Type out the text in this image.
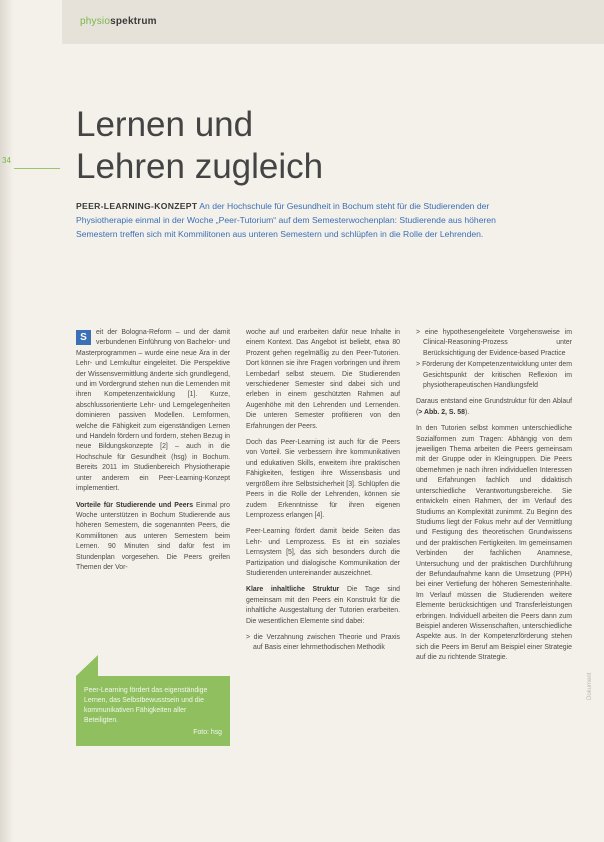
physiospektrum
34
Lernen und
Lehren zugleich
PEER-LEARNING-KONZEPT An der Hochschule für Gesundheit in Bochum steht für die Studierenden der Physiotherapie einmal in der Woche „Peer-Tutorium“ auf dem Semesterwochenplan: Studierende aus höheren Semestern treffen sich mit Kommilitonen aus unteren Semestern und schlüpfen in die Rolle der Lehrenden.

S	eit der Bologna-Reform – und der damit verbundenen Einführung von Bachelor- und Masterprogrammen – wurde eine neue Ära in der Lehr- und Lernkultur eingeleitet. Die Perspektive der Wissensvermittlung änderte sich grundlegend, und im Vordergrund stehen nun die Lernenden mit ihren Kompetenzentwicklung [1]. Kurze, abschlussorientierte Lehr- und Lerngelegenheiten dominieren passiven Modellen. Lernformen, welche die Fähigkeit zum eigenständigen Lernen und Handeln fördern und fordern, stehen Bezug in neue Bildungskonzepte [2] – auch in die Hochschule für Gesundheit (hsg) in Bochum. Bereits 2011 im Studienbereich Physiotherapie unter anderem ein Peer-Learning-Konzept implementiert.

Vorteile für Studierende und Peers Einmal pro Woche unterstützen in Bochum Studierende aus höheren Semestern, die sogenannten Peers, die Kommilitonen aus unteren Semestern beim Lernen. 90 Minuten sind dafür fest im Stundenplan vorgesehen. Die Peers greifen Themen der Vor-

Peer-Learning fördert das eigenständige Lernen, das Selbstbewusstsein und die kommunikativen Fähigkeiten aller Beteiligten.
Foto: hsg

woche auf und erarbeiten dafür neue Inhalte in einem Kontext. Das Angebot ist beliebt, etwa 80 Prozent gehen regelmäßig zu den Peer-Tutorien. Dort können sie ihre Fragen vorbringen und ihrem Lernbedarf selbst steuern. Die Studierenden verschiedener Semester sind dabei sich und erleben in einem geschützten Rahmen auf Augenhöhe mit den Lehrenden und Lernenden. Die unteren Semester profitieren von den Erfahrungen der Peers.

Doch das Peer-Learning ist auch für die Peers von Vorteil. Sie verbessern ihre kommunikativen und edukativen Skills, erweitern ihre praktischen Fähigkeiten, festigen ihre Wissensbasis und vergrößern ihre Selbstsicherheit [3]. Schlüpfen die Peers in die Rolle der Lehrenden, können sie zudem Erkenntnisse für ihren eigenen Lernprozess erlangen [4].

Peer-Learning fördert damit beide Seiten das Lehr- und Lernprozess. Es ist ein soziales Lernsystem [5], das sich besonders durch die Partizipation und dialogische Kommunikation der Studierenden untereinander auszeichnet.

Klare inhaltliche Struktur Die Tage sind gemeinsam mit den Peers ein Konstrukt für die inhaltliche Ausgestaltung der Tutorien erarbeiten. Die wesentlichen Elemente sind dabei:

> die Verzahnung zwischen Theorie und Praxis auf Basis einer lehrmethodischen Methodik
> eine hypothesengeleitete Vorgehensweise im Clinical-Reasoning-Prozess unter Berücksichtigung der Evidence-based Practice
> Förderung der Kompetenzentwicklung unter dem Gesichtspunkt der kritischen Reflexion im physiotherapeutischen Handlungsfeld

Daraus entstand eine Grundstruktur für den Ablauf (> Abb. 2, S. 58).

In den Tutorien selbst kommen unterschiedliche Sozialformen zum Tragen: Abhängig von dem jeweiligen Thema arbeiten die Peers gemeinsam mit der Gruppe oder in Kleingruppen. Die Peers übernehmen je nach ihren individuellen Interessen und Erfahrungen fachlich und didaktisch unterschiedliche Verantwortungsbereiche. Sie entwickeln einen Rahmen, der im Verlauf des Studiums an Komplexität zunimmt. Zu Beginn des Studiums liegt der Fokus mehr auf der Vermittlung und Festigung des theoretischen Grundwissens und der praktischen Fertigkeiten. Im gemeinsamen Verbinden der fachlichen Anamnese, Untersuchung und der praktischen Durchführung der Befundaufnahme kann die Umsetzung (PPH) bei einer Vertiefung der höheren Semesterinhalte. Im Verlauf müssen die Studierenden weitere Elemente berücksichtigen und Transferleistungen erbringen. Individuell arbeiten die Peers dann zum Beispiel anderen Wissenschaften, unterschiedliche Aspekte aus. In der Kompetenzförderung stehen sich die Peers im Beruf am Beispiel einer Strategie auf die zu richtende Strategie.

Dokument
